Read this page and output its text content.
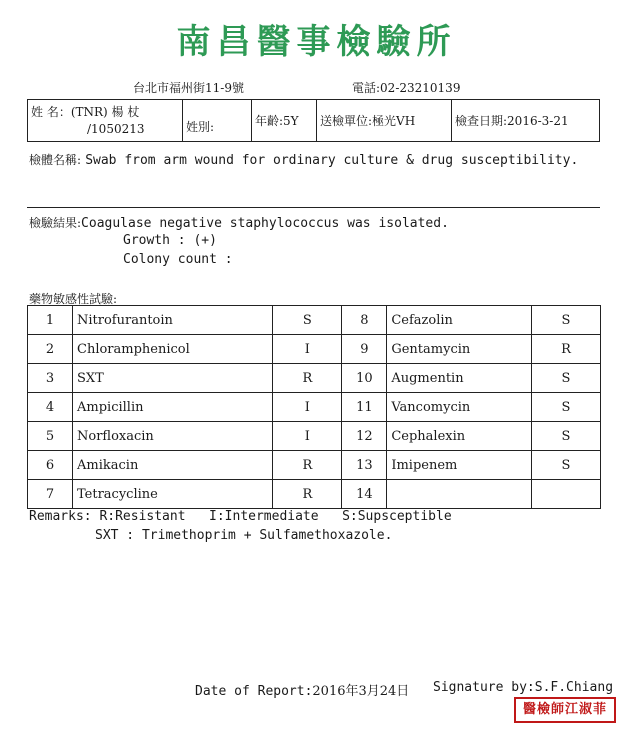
南昌醫事檢驗所
台北市福州街11-9號	電話:02-23210139
姓 名：(TNR) 楊 杖
/1050213	姓別:	年齡:5Y	送檢單位:極光VH	檢查日期:2016-3-21
檢體名稱: Swab from arm wound for ordinary culture & drug susceptibility.
檢驗結果:Coagulase negative staphylococcus was isolated.
Growth : (+)
Colony count :
藥物敏感性試驗:
1	Nitrofurantoin	S	8	Cefazolin	S
2	Chloramphenicol	I	9	Gentamycin	R
3	SXT	R	10	Augmentin	S
4	Ampicillin	I	11	Vancomycin	S
5	Norfloxacin	I	12	Cephalexin	S
6	Amikacin	R	13	Imipenem	S
7	Tetracycline	R	14		
Remarks: R:Resistant   I:Intermediate   S:Supsceptible
SXT : Trimethoprim + Sulfamethoxazole.
Date of Report:2016年3月24日 Signature by:S.F.Chiang
醫檢師江淑菲
